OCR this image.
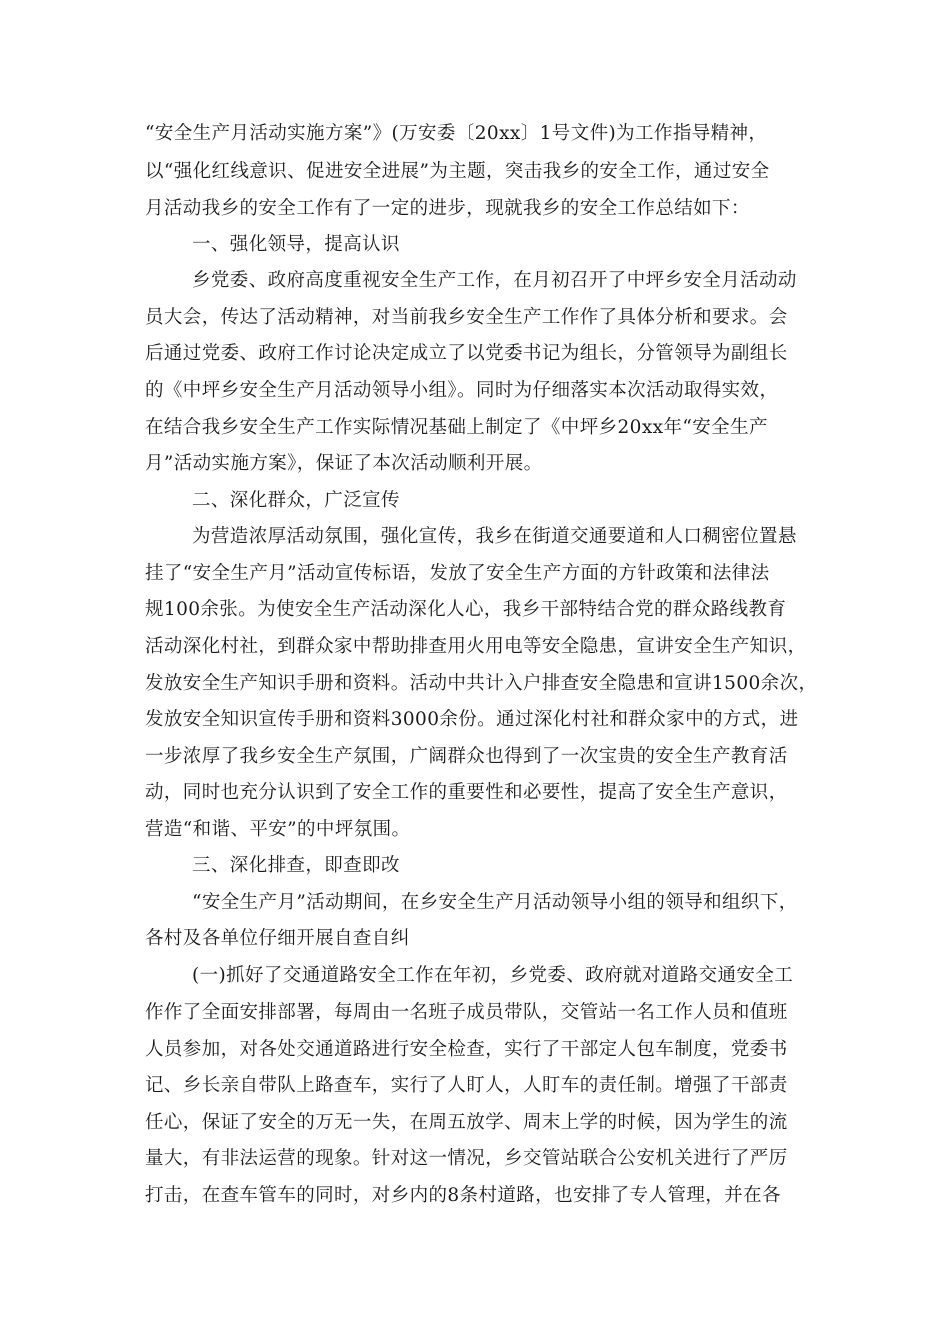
“安全生产月活动实施方案”》(万安委〔20xx〕1号文件)为工作指导精神，
以“强化红线意识、促进安全进展”为主题，突击我乡的安全工作，通过安全
月活动我乡的安全工作有了一定的进步，现就我乡的安全工作总结如下：
一、强化领导，提高认识
乡党委、政府高度重视安全生产工作，在月初召开了中坪乡安全月活动动
员大会，传达了活动精神，对当前我乡安全生产工作作了具体分析和要求。会
后通过党委、政府工作讨论决定成立了以党委书记为组长，分管领导为副组长
的《中坪乡安全生产月活动领导小组》。同时为仔细落实本次活动取得实效，
在结合我乡安全生产工作实际情况基础上制定了《中坪乡20xx年“安全生产
月”活动实施方案》，保证了本次活动顺利开展。
二、深化群众，广泛宣传
为营造浓厚活动氛围，强化宣传，我乡在街道交通要道和人口稠密位置悬
挂了“安全生产月”活动宣传标语，发放了安全生产方面的方针政策和法律法
规100余张。为使安全生产活动深化人心，我乡干部特结合党的群众路线教育
活动深化村社，到群众家中帮助排查用火用电等安全隐患，宣讲安全生产知识，
发放安全生产知识手册和资料。活动中共计入户排查安全隐患和宣讲1500余次，
发放安全知识宣传手册和资料3000余份。通过深化村社和群众家中的方式，进
一步浓厚了我乡安全生产氛围，广阔群众也得到了一次宝贵的安全生产教育活
动，同时也充分认识到了安全工作的重要性和必要性，提高了安全生产意识，
营造“和谐、平安”的中坪氛围。
三、深化排查，即查即改
“安全生产月”活动期间，在乡安全生产月活动领导小组的领导和组织下，
各村及各单位仔细开展自查自纠
(一)抓好了交通道路安全工作在年初，乡党委、政府就对道路交通安全工
作作了全面安排部署，每周由一名班子成员带队，交管站一名工作人员和值班
人员参加，对各处交通道路进行安全检查，实行了干部定人包车制度，党委书
记、乡长亲自带队上路查车，实行了人盯人，人盯车的责任制。增强了干部责
任心，保证了安全的万无一失，在周五放学、周末上学的时候，因为学生的流
量大，有非法运营的现象。针对这一情况，乡交管站联合公安机关进行了严厉
打击，在查车管车的同时，对乡内的8条村道路，也安排了专人管理，并在各
